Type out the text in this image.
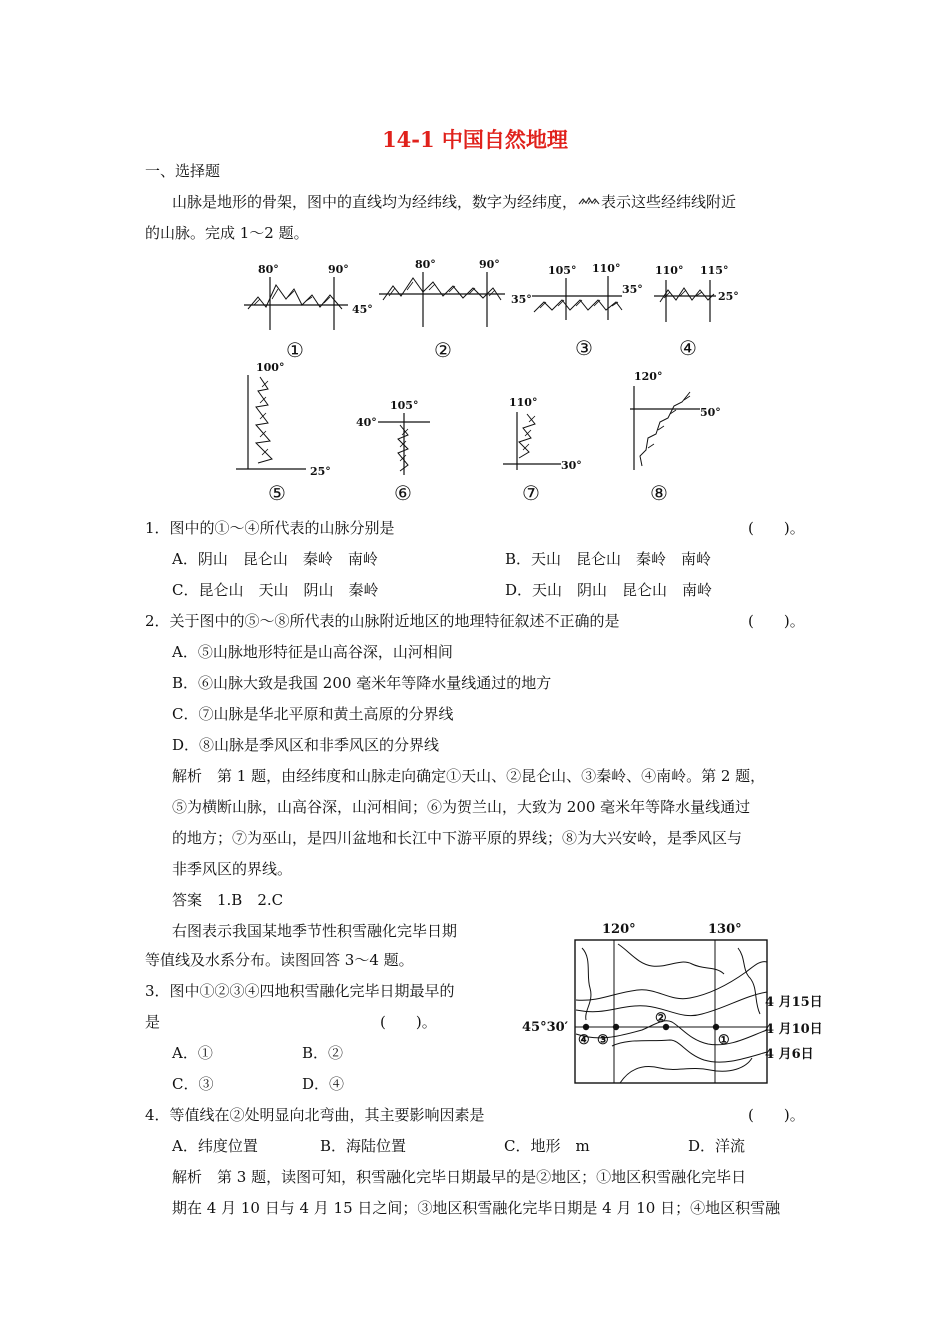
14-1 中国自然地理
一、选择题
山脉是地形的骨架，图中的直线均为经纬线，数字为经纬度， 表示这些经纬线附近
的山脉。完成 1～2 题。
80°	90°
45°
①
80°	90°
35°
②
105° 110°
35°
③
110° 115°
25°
④
100°
25°
⑤
105°
40°
⑥
110°
30°
⑦
120°
50°
⑧
1．图中的①～④所代表的山脉分别是	(　　)。
A．阴山　昆仑山　秦岭　南岭	B．天山　昆仑山　秦岭　南岭
C．昆仑山　天山　阴山　秦岭	D．天山　阴山　昆仑山　南岭
2．关于图中的⑤～⑧所代表的山脉附近地区的地理特征叙述不正确的是	(　　)。
A．⑤山脉地形特征是山高谷深，山河相间
B．⑥山脉大致是我国 200 毫米年等降水量线通过的地方
C．⑦山脉是华北平原和黄土高原的分界线
D．⑧山脉是季风区和非季风区的分界线
解析　第 1 题，由经纬度和山脉走向确定①天山、②昆仑山、③秦岭、④南岭。第 2 题，
⑤为横断山脉，山高谷深，山河相间；⑥为贺兰山，大致为 200 毫米年等降水量线通过
的地方；⑦为巫山，是四川盆地和长江中下游平原的界线；⑧为大兴安岭，是季风区与
非季风区的界线。
答案　1.B　2.C
右图表示我国某地季节性积雪融化完毕日期
等值线及水系分布。读图回答 3～4 题。
3．图中①②③④四地积雪融化完毕日期最早的
是	(　　)。
A．①	B．②
C．③	D．④
120°	130°
④ ③
②
①
45°30′
4 月15日
4 月10日
4 月6日
4．等值线在②处明显向北弯曲，其主要影响因素是	(　　)。
A．纬度位置	B．海陆位置	C．地形　m	D．洋流
解析　第 3 题，读图可知，积雪融化完毕日期最早的是②地区；①地区积雪融化完毕日
期在 4 月 10 日与 4 月 15 日之间；③地区积雪融化完毕日期是 4 月 10 日；④地区积雪融
